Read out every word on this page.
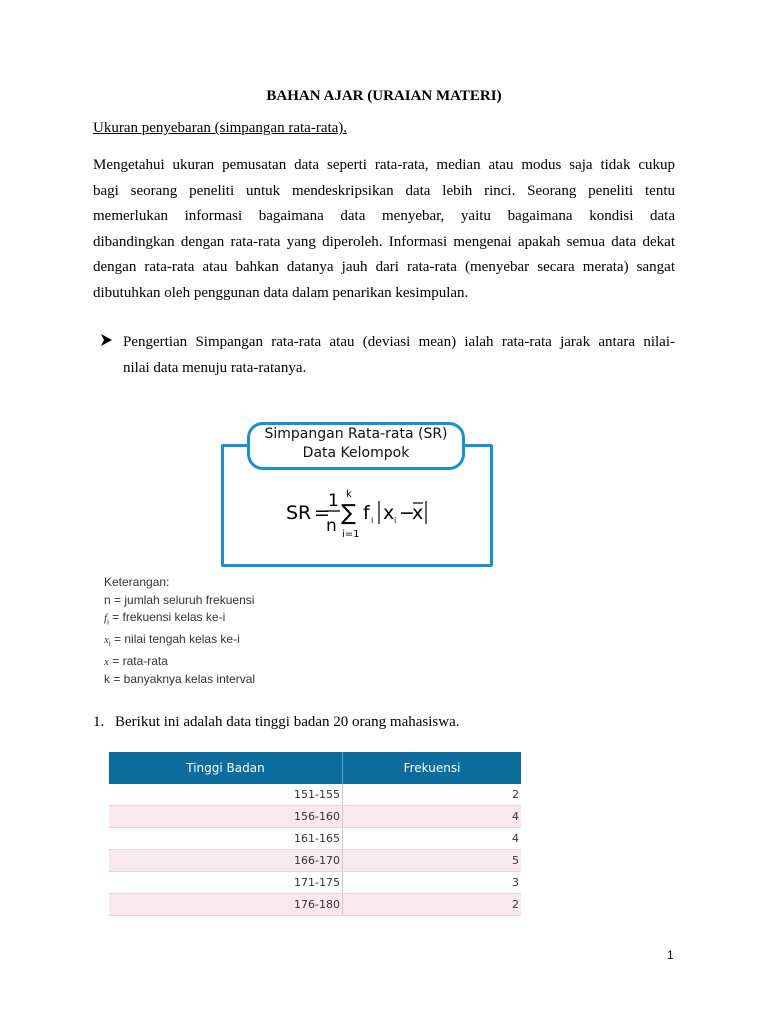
BAHAN AJAR (URAIAN MATERI)
Ukuran penyebaran (simpangan rata-rata).
Mengetahui ukuran pemusatan data seperti rata-rata, median atau modus saja tidak cukup
bagi seorang peneliti untuk mendeskripsikan data lebih rinci. Seorang peneliti tentu
memerlukan informasi bagaimana data menyebar, yaitu bagaimana kondisi data
dibandingkan dengan rata-rata yang diperoleh. Informasi mengenai apakah semua data dekat
dengan rata-rata atau bahkan datanya jauh dari rata-rata (menyebar secara merata) sangat
dibutuhkan oleh penggunan data dalam penarikan kesimpulan.
Pengertian Simpangan rata-rata atau (deviasi mean) ialah rata-rata jarak antara nilai-
nilai data menuju rata-ratanya.
Simpangan Rata-rata (SR)
Data Kelompok
SR =
1
n
k
∑
i=1
f i x i −
x
Keterangan:
n = jumlah seluruh frekuensi
$f_i$ = frekuensi kelas ke-i
$x_i$ = nilai tengah kelas ke-i
x = rata-rata
k = banyaknya kelas interval
1. Berikut ini adalah data tinggi badan 20 orang mahasiswa.
Tinggi Badan	Frekuensi
151-155	2
156-160	4
161-165	4
166-170	5
171-175	3
176-180	2
1
